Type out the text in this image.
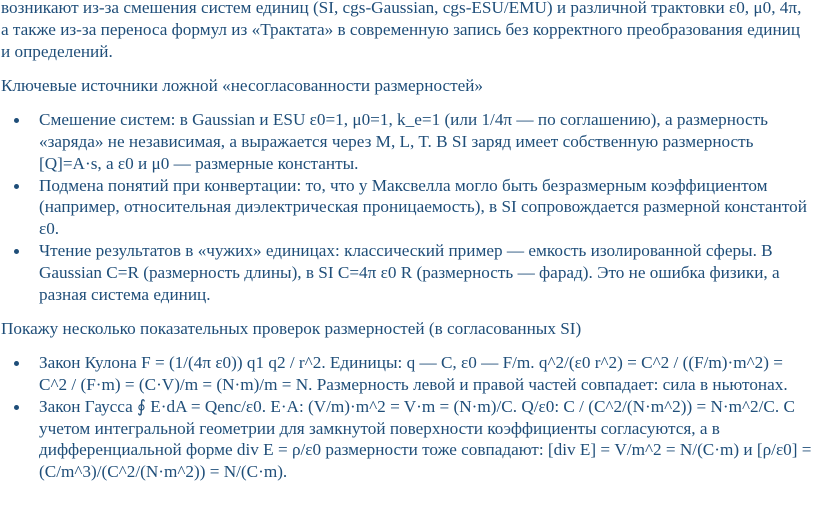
возникают из-за смешения систем единиц (SI, cgs-Gaussian, cgs-ESU/EMU) и различной трактовки ε0, μ0, 4π, а также из-за переноса формул из «Трактата» в современную запись без корректного преобразования единиц и определений.

Ключевые источники ложной «несогласованности размерностей»

Смешение систем: в Gaussian и ESU ε0=1, μ0=1, k_e=1 (или 1/4π — по соглашению), а размерность «заряда» не независимая, а выражается через M, L, T. В SI заряд имеет собственную размерность [Q]=A·s, а ε0 и μ0 — размерные константы.
Подмена понятий при конвертации: то, что у Максвелла могло быть безразмерным коэффициентом (например, относительная диэлектрическая проницаемость), в SI сопровождается размерной константой ε0.
Чтение результатов в «чужих» единицах: классический пример — емкость изолированной сферы. В Gaussian C=R (размерность длины), в SI C=4π ε0 R (размерность — фарад). Это не ошибка физики, а разная система единиц.

Покажу несколько показательных проверок размерностей (в согласованных SI)

Закон Кулона F = (1/(4π ε0)) q1 q2 / r^2. Единицы: q — C, ε0 — F/m. q^2/(ε0 r^2) = C^2 / ((F/m)·m^2) = C^2 / (F·m) = (C·V)/m = (N·m)/m = N. Размерность левой и правой частей совпадает: сила в ньютонах.
Закон Гаусса ∮ E·dA = Qenc/ε0. E·A: (V/m)·m^2 = V·m = (N·m)/C. Q/ε0: C / (C^2/(N·m^2)) = N·m^2/C. С учетом интегральной геометрии для замкнутой поверхности коэффициенты согласуются, а в дифференциальной форме div E = ρ/ε0 размерности тоже совпадают: [div E] = V/m^2 = N/(C·m) и [ρ/ε0] = (C/m^3)/(C^2/(N·m^2)) = N/(C·m).
